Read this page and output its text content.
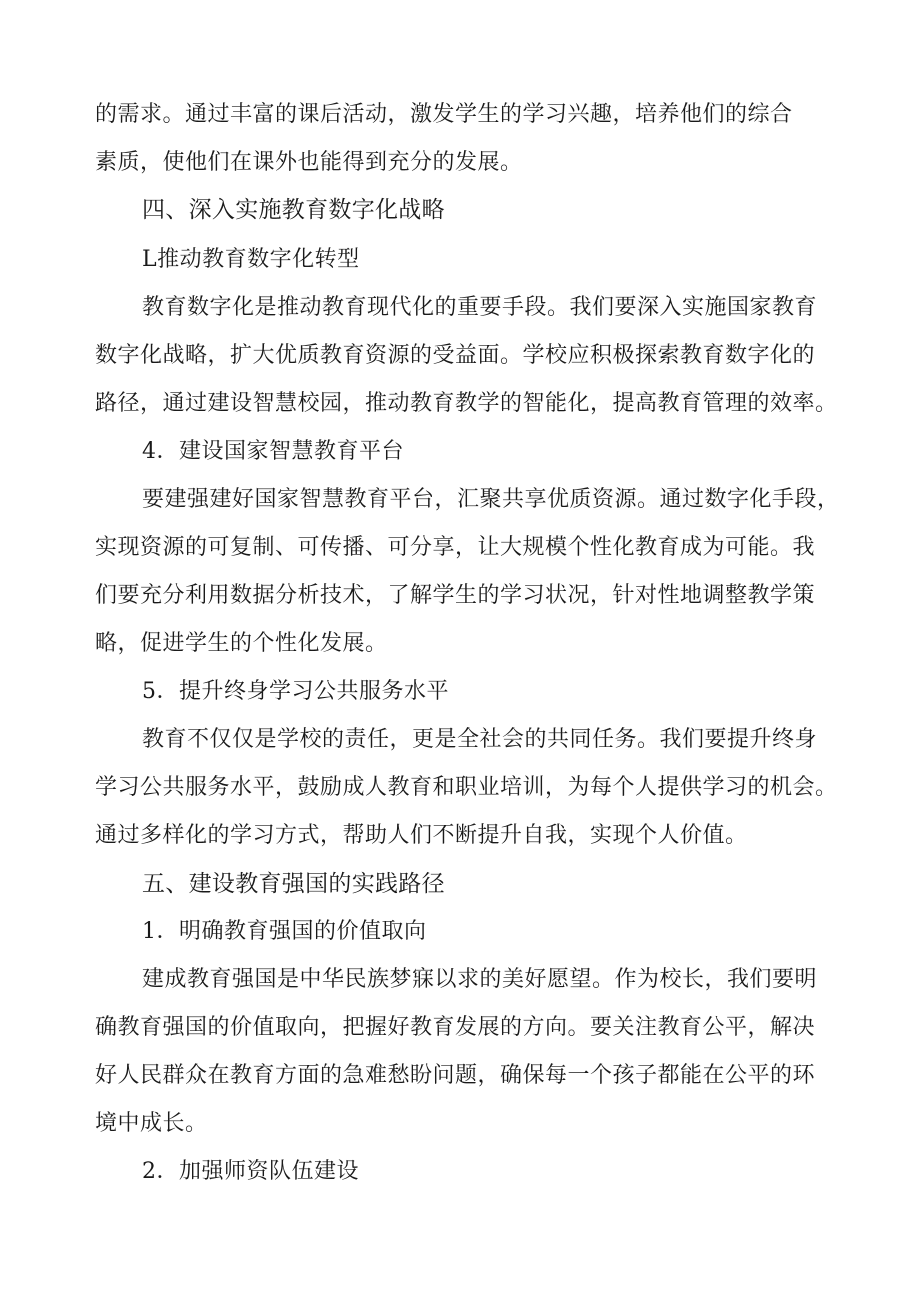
的需求。通过丰富的课后活动，激发学生的学习兴趣，培养他们的综合
素质，使他们在课外也能得到充分的发展。
四、深入实施教育数字化战略
L推动教育数字化转型
教育数字化是推动教育现代化的重要手段。我们要深入实施国家教育
数字化战略，扩大优质教育资源的受益面。学校应积极探索教育数字化的
路径，通过建设智慧校园，推动教育教学的智能化，提高教育管理的效率。
4．建设国家智慧教育平台
要建强建好国家智慧教育平台，汇聚共享优质资源。通过数字化手段，
实现资源的可复制、可传播、可分享，让大规模个性化教育成为可能。我
们要充分利用数据分析技术，了解学生的学习状况，针对性地调整教学策
略，促进学生的个性化发展。
5．提升终身学习公共服务水平
教育不仅仅是学校的责任，更是全社会的共同任务。我们要提升终身
学习公共服务水平，鼓励成人教育和职业培训，为每个人提供学习的机会。
通过多样化的学习方式，帮助人们不断提升自我，实现个人价值。
五、建设教育强国的实践路径
1．明确教育强国的价值取向
建成教育强国是中华民族梦寐以求的美好愿望。作为校长，我们要明
确教育强国的价值取向，把握好教育发展的方向。要关注教育公平，解决
好人民群众在教育方面的急难愁盼问题，确保每一个孩子都能在公平的环
境中成长。
2．加强师资队伍建设
